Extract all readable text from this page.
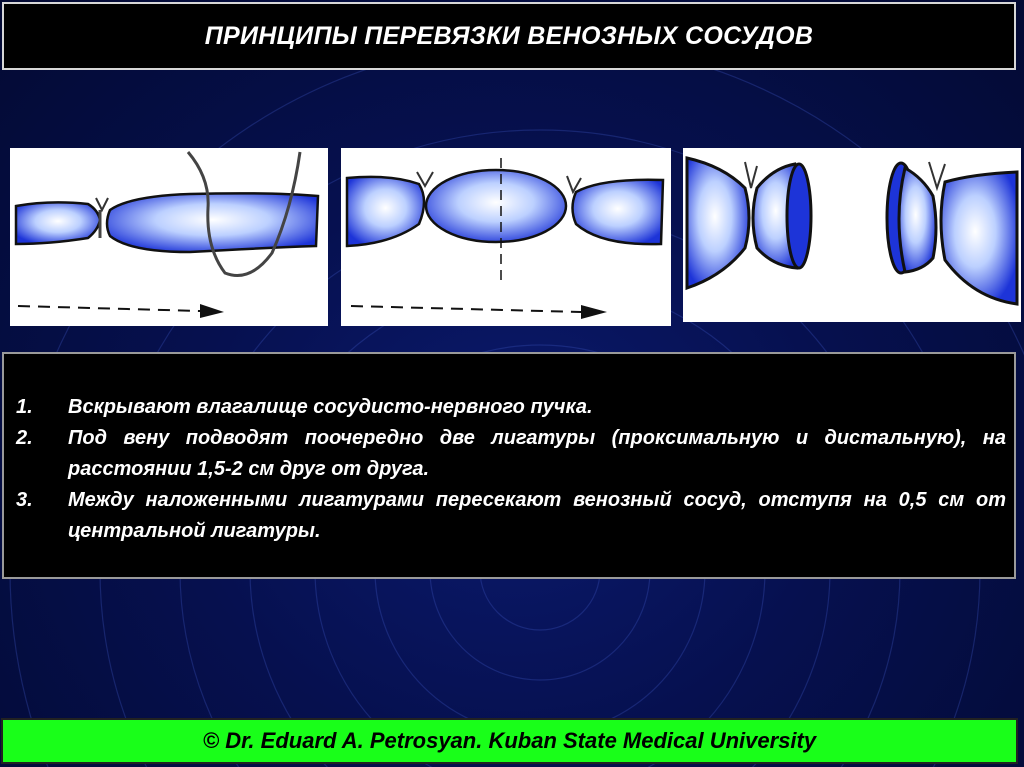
ПРИНЦИПЫ ПЕРЕВЯЗКИ ВЕНОЗНЫХ СОСУДОВ
1.	Вскрывают влагалище сосудисто-нервного пучка.
2.	Под вену подводят поочередно две лигатуры (проксимальную и дистальную), на расстоянии 1,5-2 см друг от друга.
3.	Между наложенными лигатурами пересекают венозный сосуд, отступя на 0,5 см от центральной лигатуры.
© Dr. Eduard A. Petrosyan. Kuban State Medical University
